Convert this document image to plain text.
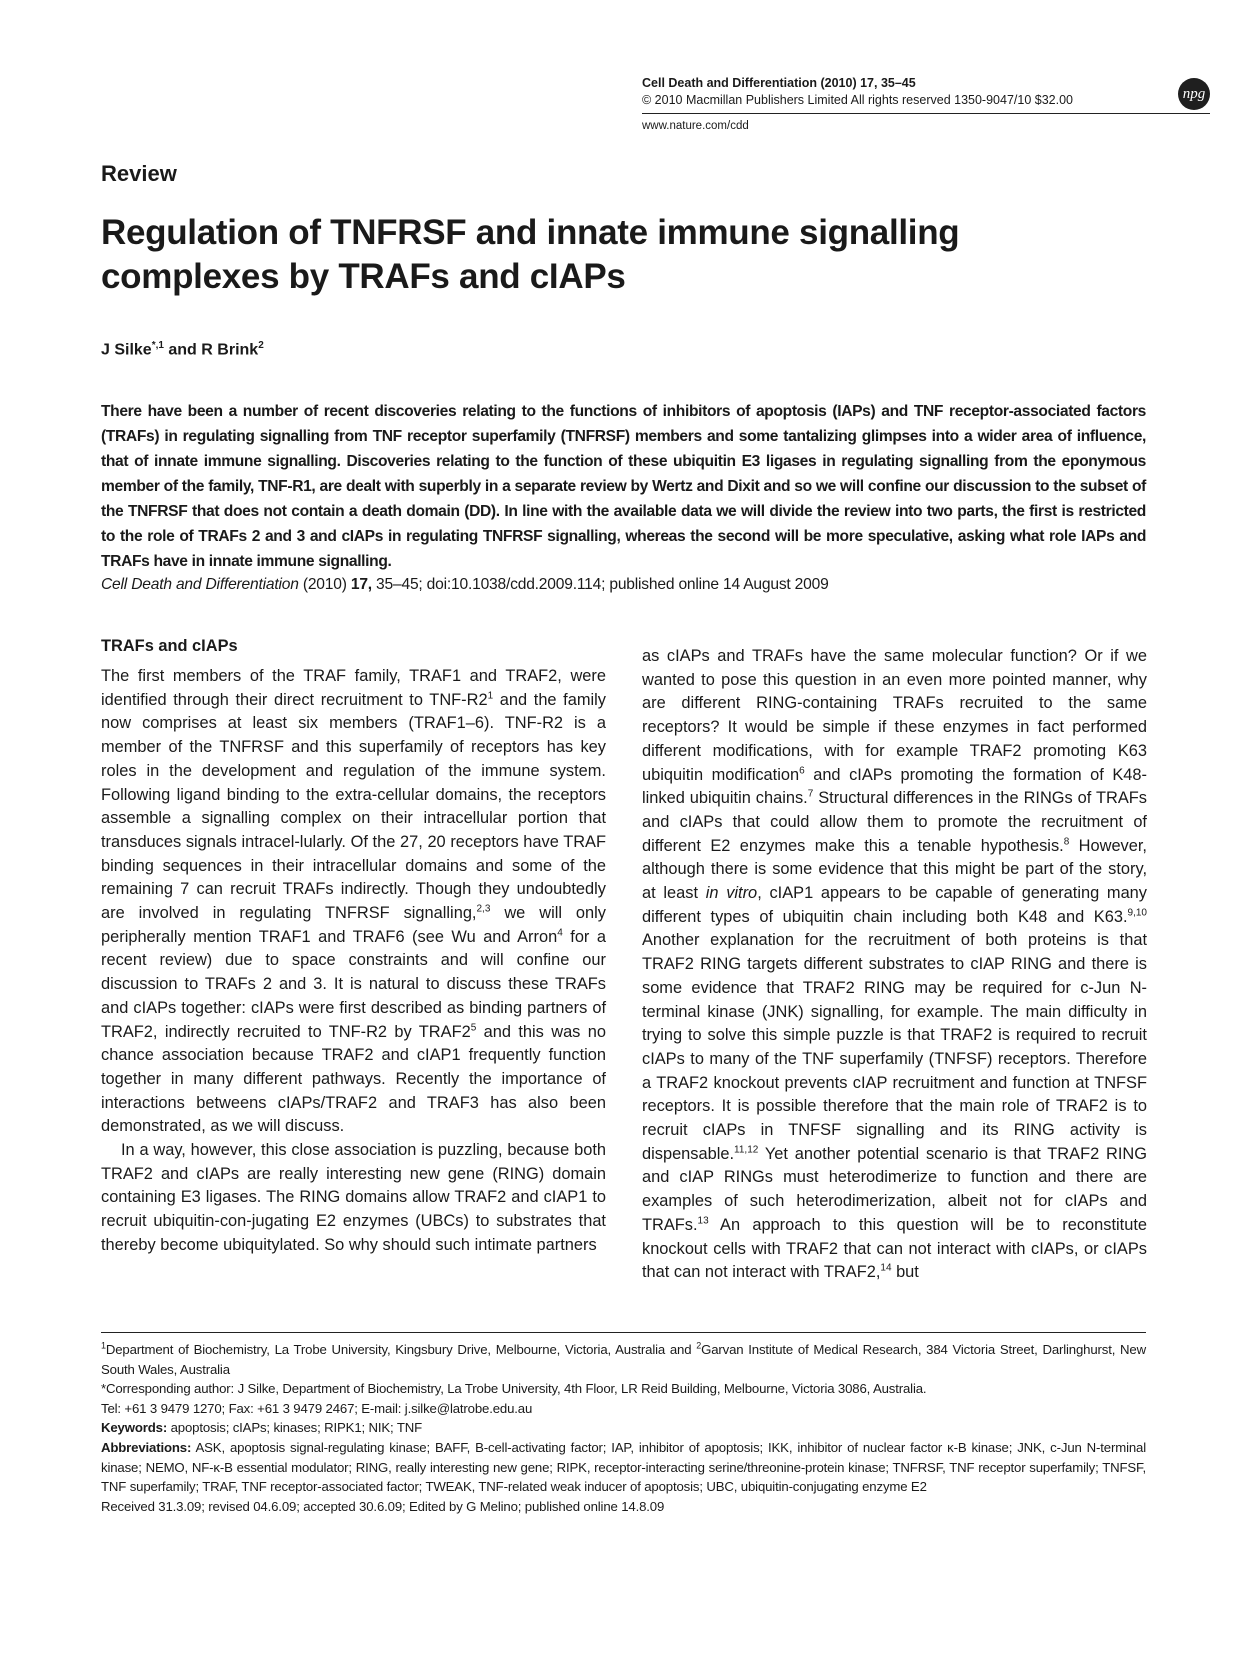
Cell Death and Differentiation (2010) 17, 35–45
© 2010 Macmillan Publishers Limited All rights reserved 1350-9047/10 $32.00
www.nature.com/cdd
npg
Review
Regulation of TNFRSF and innate immune signalling complexes by TRAFs and cIAPs
J Silke$^{*,1}$ and R Brink$^2$
There have been a number of recent discoveries relating to the functions of inhibitors of apoptosis (IAPs) and TNF receptor-associated factors (TRAFs) in regulating signalling from TNF receptor superfamily (TNFRSF) members and some tantalizing glimpses into a wider area of influence, that of innate immune signalling. Discoveries relating to the function of these ubiquitin E3 ligases in regulating signalling from the eponymous member of the family, TNF-R1, are dealt with superbly in a separate review by Wertz and Dixit and so we will confine our discussion to the subset of the TNFRSF that does not contain a death domain (DD). In line with the available data we will divide the review into two parts, the first is restricted to the role of TRAFs 2 and 3 and cIAPs in regulating TNFRSF signalling, whereas the second will be more speculative, asking what role IAPs and TRAFs have in innate immune signalling.
Cell Death and Differentiation (2010) 17, 35–45; doi:10.1038/cdd.2009.114; published online 14 August 2009
TRAFs and cIAPs

The first members of the TRAF family, TRAF1 and TRAF2, were identified through their direct recruitment to TNF-$R2^1$ and the family now comprises at least six members (TRAF1–6). TNF-R2 is a member of the TNFRSF and this superfamily of receptors has key roles in the development and regulation of the immune system. Following ligand binding to the extra-cellular domains, the receptors assemble a signalling complex on their intracellular portion that transduces signals intracel-lularly. Of the 27, 20 receptors have TRAF binding sequences in their intracellular domains and some of the remaining 7 can recruit TRAFs indirectly. Though they undoubtedly are involved in regulating TNFRSF signalling,$^{2,3}$ we will only peripherally mention TRAF1 and TRAF6 (see Wu and Arron$^4$ for a recent review) due to space constraints and will confine our discussion to TRAFs 2 and 3. It is natural to discuss these TRAFs and cIAPs together: cIAPs were first described as binding partners of TRAF2, indirectly recruited to TNF-R2 by $TRAF2^5$ and this was no chance association because TRAF2 and cIAP1 frequently function together in many different pathways. Recently the importance of interactions betweens cIAPs/TRAF2 and TRAF3 has also been demonstrated, as we will discuss.

In a way, however, this close association is puzzling, because both TRAF2 and cIAPs are really interesting new gene (RING) domain containing E3 ligases. The RING domains allow TRAF2 and cIAP1 to recruit ubiquitin-con-jugating E2 enzymes (UBCs) to substrates that thereby become ubiquitylated. So why should such intimate partners

as cIAPs and TRAFs have the same molecular function? Or if we wanted to pose this question in an even more pointed manner, why are different RING-containing TRAFs recruited to the same receptors? It would be simple if these enzymes in fact performed different modifications, with for example TRAF2 promoting K63 ubiquitin modification$^6$ and cIAPs promoting the formation of K48-linked ubiquitin chains.$^7$ Structural differences in the RINGs of TRAFs and cIAPs that could allow them to promote the recruitment of different E2 enzymes make this a tenable hypothesis.$^8$ However, although there is some evidence that this might be part of the story, at least in vitro, cIAP1 appears to be capable of generating many different types of ubiquitin chain including both K48 and K63.$^{9,10}$ Another explanation for the recruitment of both proteins is that TRAF2 RING targets different substrates to cIAP RING and there is some evidence that TRAF2 RING may be required for c-Jun N-terminal kinase (JNK) signalling, for example. The main difficulty in trying to solve this simple puzzle is that TRAF2 is required to recruit cIAPs to many of the TNF superfamily (TNFSF) receptors. Therefore a TRAF2 knockout prevents cIAP recruitment and function at TNFSF receptors. It is possible therefore that the main role of TRAF2 is to recruit cIAPs in TNFSF signalling and its RING activity is dispensable.$^{11,12}$ Yet another potential scenario is that TRAF2 RING and cIAP RINGs must heterodimerize to function and there are examples of such heterodimerization, albeit not for cIAPs and TRAFs.$^{13}$ An approach to this question will be to reconstitute knockout cells with TRAF2 that can not interact with cIAPs, or cIAPs that can not interact with TRAF2,14 but

$^1$Department of Biochemistry, La Trobe University, Kingsbury Drive, Melbourne, Victoria, Australia and $^2$Garvan Institute of Medical Research, 384 Victoria Street, Darlinghurst, New South Wales, Australia

*Corresponding author: J Silke, Department of Biochemistry, La Trobe University, 4th Floor, LR Reid Building, Melbourne, Victoria 3086, Australia.

Tel: +61 3 9479 1270; Fax: +61 3 9479 2467; E-mail: j.silke@latrobe.edu.au

Keywords: apoptosis; cIAPs; kinases; RIPK1; NIK; TNF

Abbreviations: ASK, apoptosis signal-regulating kinase; BAFF, B-cell-activating factor; IAP, inhibitor of apoptosis; IKK, inhibitor of nuclear factor κ-B kinase; JNK, c-Jun N-terminal kinase; NEMO, NF-κ-B essential modulator; RING, really interesting new gene; RIPK, receptor-interacting serine/threonine-protein kinase; TNFRSF, TNF receptor superfamily; TNFSF, TNF superfamily; TRAF, TNF receptor-associated factor; TWEAK, TNF-related weak inducer of apoptosis; UBC, ubiquitin-conjugating enzyme E2

Received 31.3.09; revised 04.6.09; accepted 30.6.09; Edited by G Melino; published online 14.8.09
